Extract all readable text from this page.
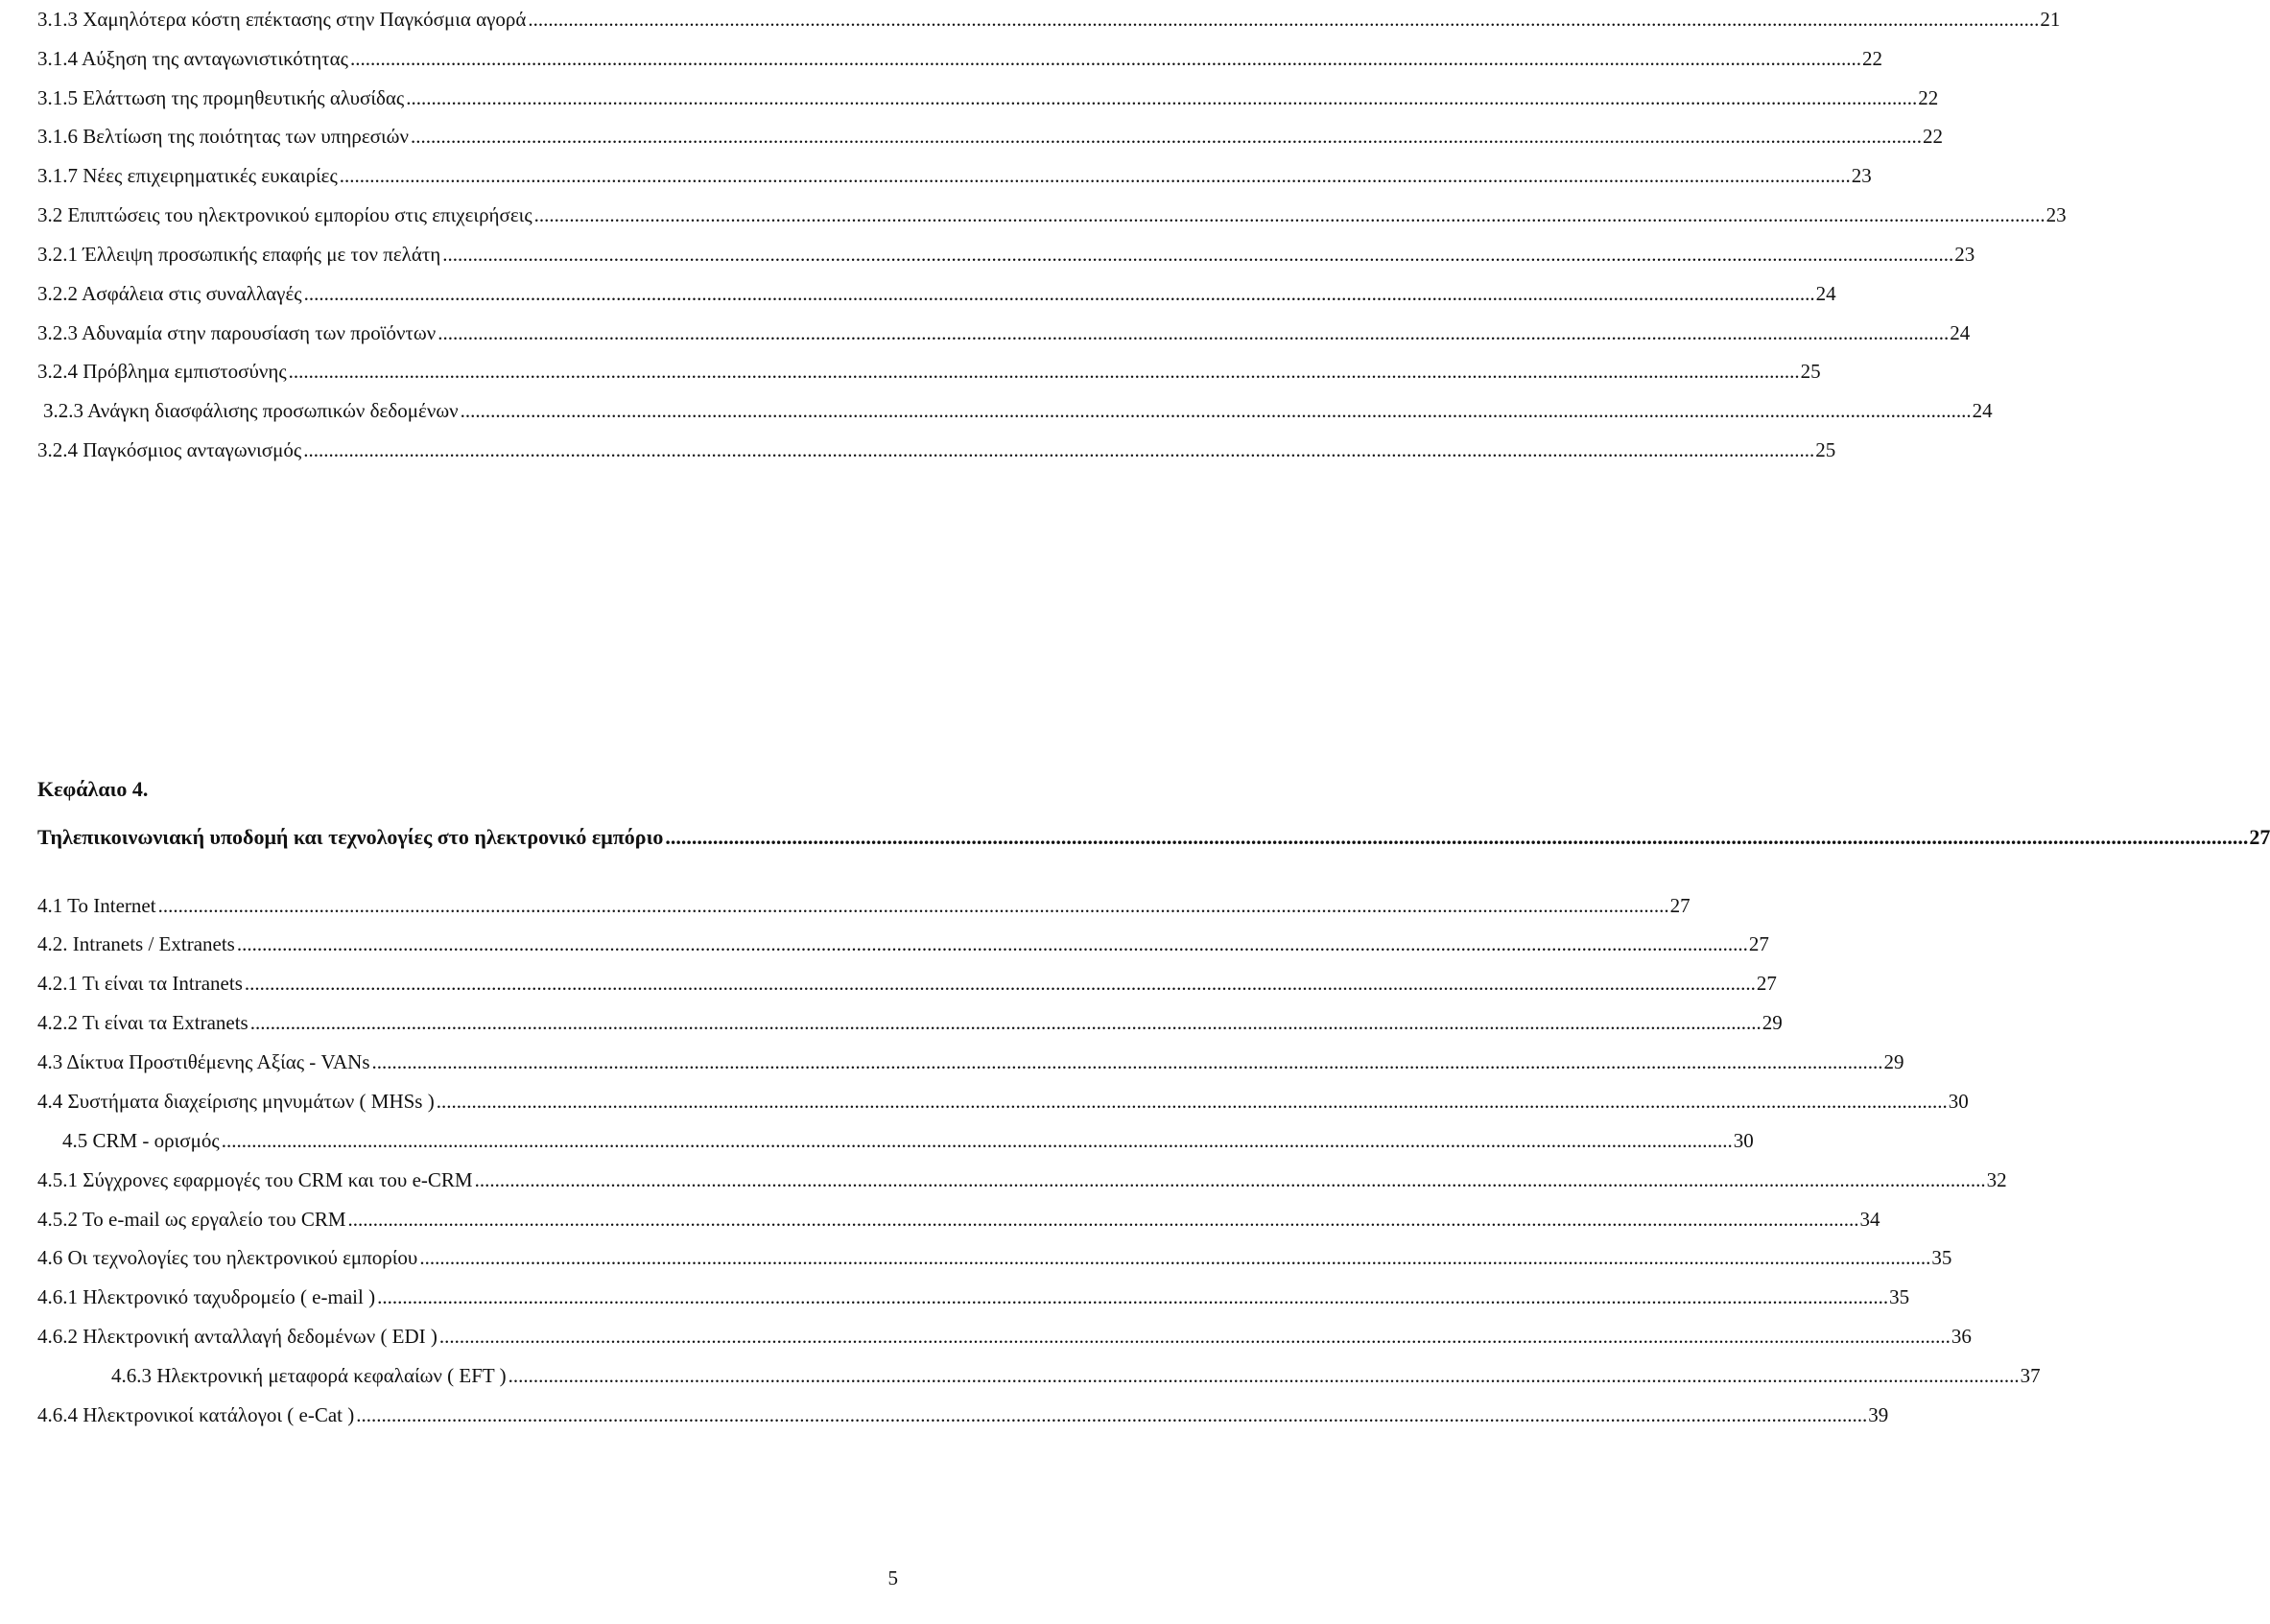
3.1.3 Χαμηλότερα κόστη επέκτασης στην Παγκόσμια αγορά ............................................................................................................................................................................................................................................................................................................ 21
3.1.4 Αύξηση της ανταγωνιστικότητας ............................................................................................................................................................................................................................................................................................................ 22
3.1.5 Ελάττωση της προμηθευτικής αλυσίδας ............................................................................................................................................................................................................................................................................................................ 22
3.1.6 Βελτίωση της ποιότητας των υπηρεσιών ............................................................................................................................................................................................................................................................................................................ 22
3.1.7 Νέες επιχειρηματικές ευκαιρίες ............................................................................................................................................................................................................................................................................................................ 23
3.2 Επιπτώσεις του ηλεκτρονικού εμπορίου στις επιχειρήσεις ............................................................................................................................................................................................................................................................................................................ 23
3.2.1 Έλλειψη προσωπικής επαφής με τον πελάτη ............................................................................................................................................................................................................................................................................................................ 23
3.2.2 Ασφάλεια στις συναλλαγές ............................................................................................................................................................................................................................................................................................................ 24
3.2.3 Αδυναμία στην παρουσίαση των προϊόντων ............................................................................................................................................................................................................................................................................................................ 24
3.2.4 Πρόβλημα εμπιστοσύνης ............................................................................................................................................................................................................................................................................................................ 25
3.2.3 Ανάγκη διασφάλισης προσωπικών δεδομένων ............................................................................................................................................................................................................................................................................................................ 24
3.2.4 Παγκόσμιος ανταγωνισμός ............................................................................................................................................................................................................................................................................................................ 25
Κεφάλαιο 4.
Τηλεπικοινωνιακή υποδομή και τεχνολογίες στο ηλεκτρονικό εμπόριο ............................................................................................................................................................................................................................................................................................................ 27
4.1 Το Internet ............................................................................................................................................................................................................................................................................................................ 27
4.2. Intranets / Extranets ............................................................................................................................................................................................................................................................................................................ 27
4.2.1 Τι είναι τα Intranets ............................................................................................................................................................................................................................................................................................................ 27
4.2.2 Τι είναι τα Extranets ............................................................................................................................................................................................................................................................................................................ 29
4.3 Δίκτυα Προστιθέμενης Αξίας - VANs ............................................................................................................................................................................................................................................................................................................ 29
4.4 Συστήματα διαχείρισης μηνυμάτων ( MHSs ) ............................................................................................................................................................................................................................................................................................................ 30
4.5 CRM - ορισμός ............................................................................................................................................................................................................................................................................................................ 30
4.5.1 Σύγχρονες εφαρμογές του CRM και του e-CRM ............................................................................................................................................................................................................................................................................................................ 32
4.5.2 Το e-mail ως εργαλείο του CRM ............................................................................................................................................................................................................................................................................................................ 34
4.6 Οι τεχνολογίες του ηλεκτρονικού εμπορίου ............................................................................................................................................................................................................................................................................................................ 35
4.6.1 Ηλεκτρονικό ταχυδρομείο ( e-mail ) ............................................................................................................................................................................................................................................................................................................ 35
4.6.2 Ηλεκτρονική ανταλλαγή δεδομένων ( EDI ) ............................................................................................................................................................................................................................................................................................................ 36
4.6.3 Ηλεκτρονική μεταφορά κεφαλαίων ( EFT ) ............................................................................................................................................................................................................................................................................................................ 37
4.6.4 Ηλεκτρονικοί κατάλογοι ( e-Cat ) ............................................................................................................................................................................................................................................................................................................ 39
5
